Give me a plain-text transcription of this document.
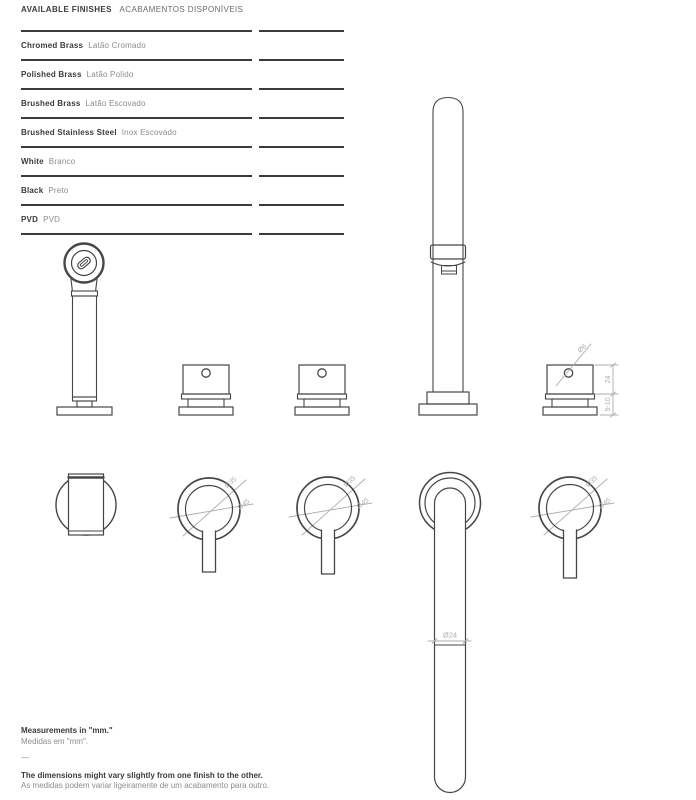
AVAILABLE FINISHES ACABAMENTOS DISPONÍVEIS
Chromed Brass Latão Cromado
Polished Brass Latão Polido
Brushed Brass Latão Escovado
Brushed Stainless Steel Inox Escovado
White Branco
Black Preto
PVD PVD
Ø6
24
5-10
Ø35
Ø45
Ø35
Ø45
Ø24
Ø35
Ø45
Measurements in "mm."
Medidas em "mm".
—
The dimensions might vary slightly from one finish to the other.
As medidas podem variar ligeiramente de um acabamento para outro.
